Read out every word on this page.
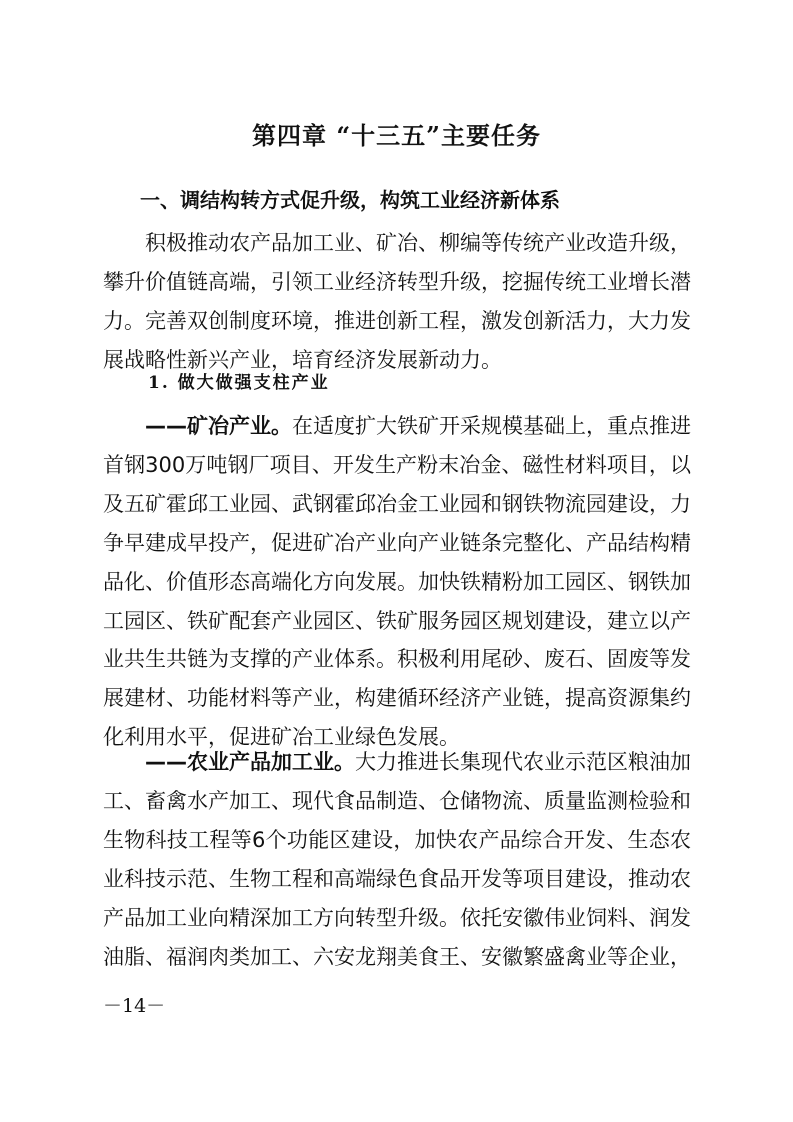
第四章 “十三五”主要任务
一、调结构转方式促升级，构筑工业经济新体系

积极推动农产品加工业、矿冶、柳编等传统产业改造升级，攀升价值链高端，引领工业经济转型升级，挖掘传统工业增长潜力。完善双创制度环境，推进创新工程，激发创新活力，大力发展战略性新兴产业，培育经济发展新动力。

1. 做大做强支柱产业

——矿冶产业。在适度扩大铁矿开采规模基础上，重点推进首钢300万吨钢厂项目、开发生产粉末冶金、磁性材料项目，以及五矿霍邱工业园、武钢霍邱冶金工业园和钢铁物流园建设，力争早建成早投产，促进矿冶产业向产业链条完整化、产品结构精品化、价值形态高端化方向发展。加快铁精粉加工园区、钢铁加工园区、铁矿配套产业园区、铁矿服务园区规划建设，建立以产业共生共链为支撑的产业体系。积极利用尾砂、废石、固废等发展建材、功能材料等产业，构建循环经济产业链，提高资源集约化利用水平，促进矿冶工业绿色发展。

——农业产品加工业。大力推进长集现代农业示范区粮油加工、畜禽水产加工、现代食品制造、仓储物流、质量监测检验和生物科技工程等6个功能区建设，加快农产品综合开发、生态农业科技示范、生物工程和高端绿色食品开发等项目建设，推动农产品加工业向精深加工方向转型升级。依托安徽伟业饲料、润发油脂、福润肉类加工、六安龙翔美食王、安徽繁盛禽业等企业，

－14－
